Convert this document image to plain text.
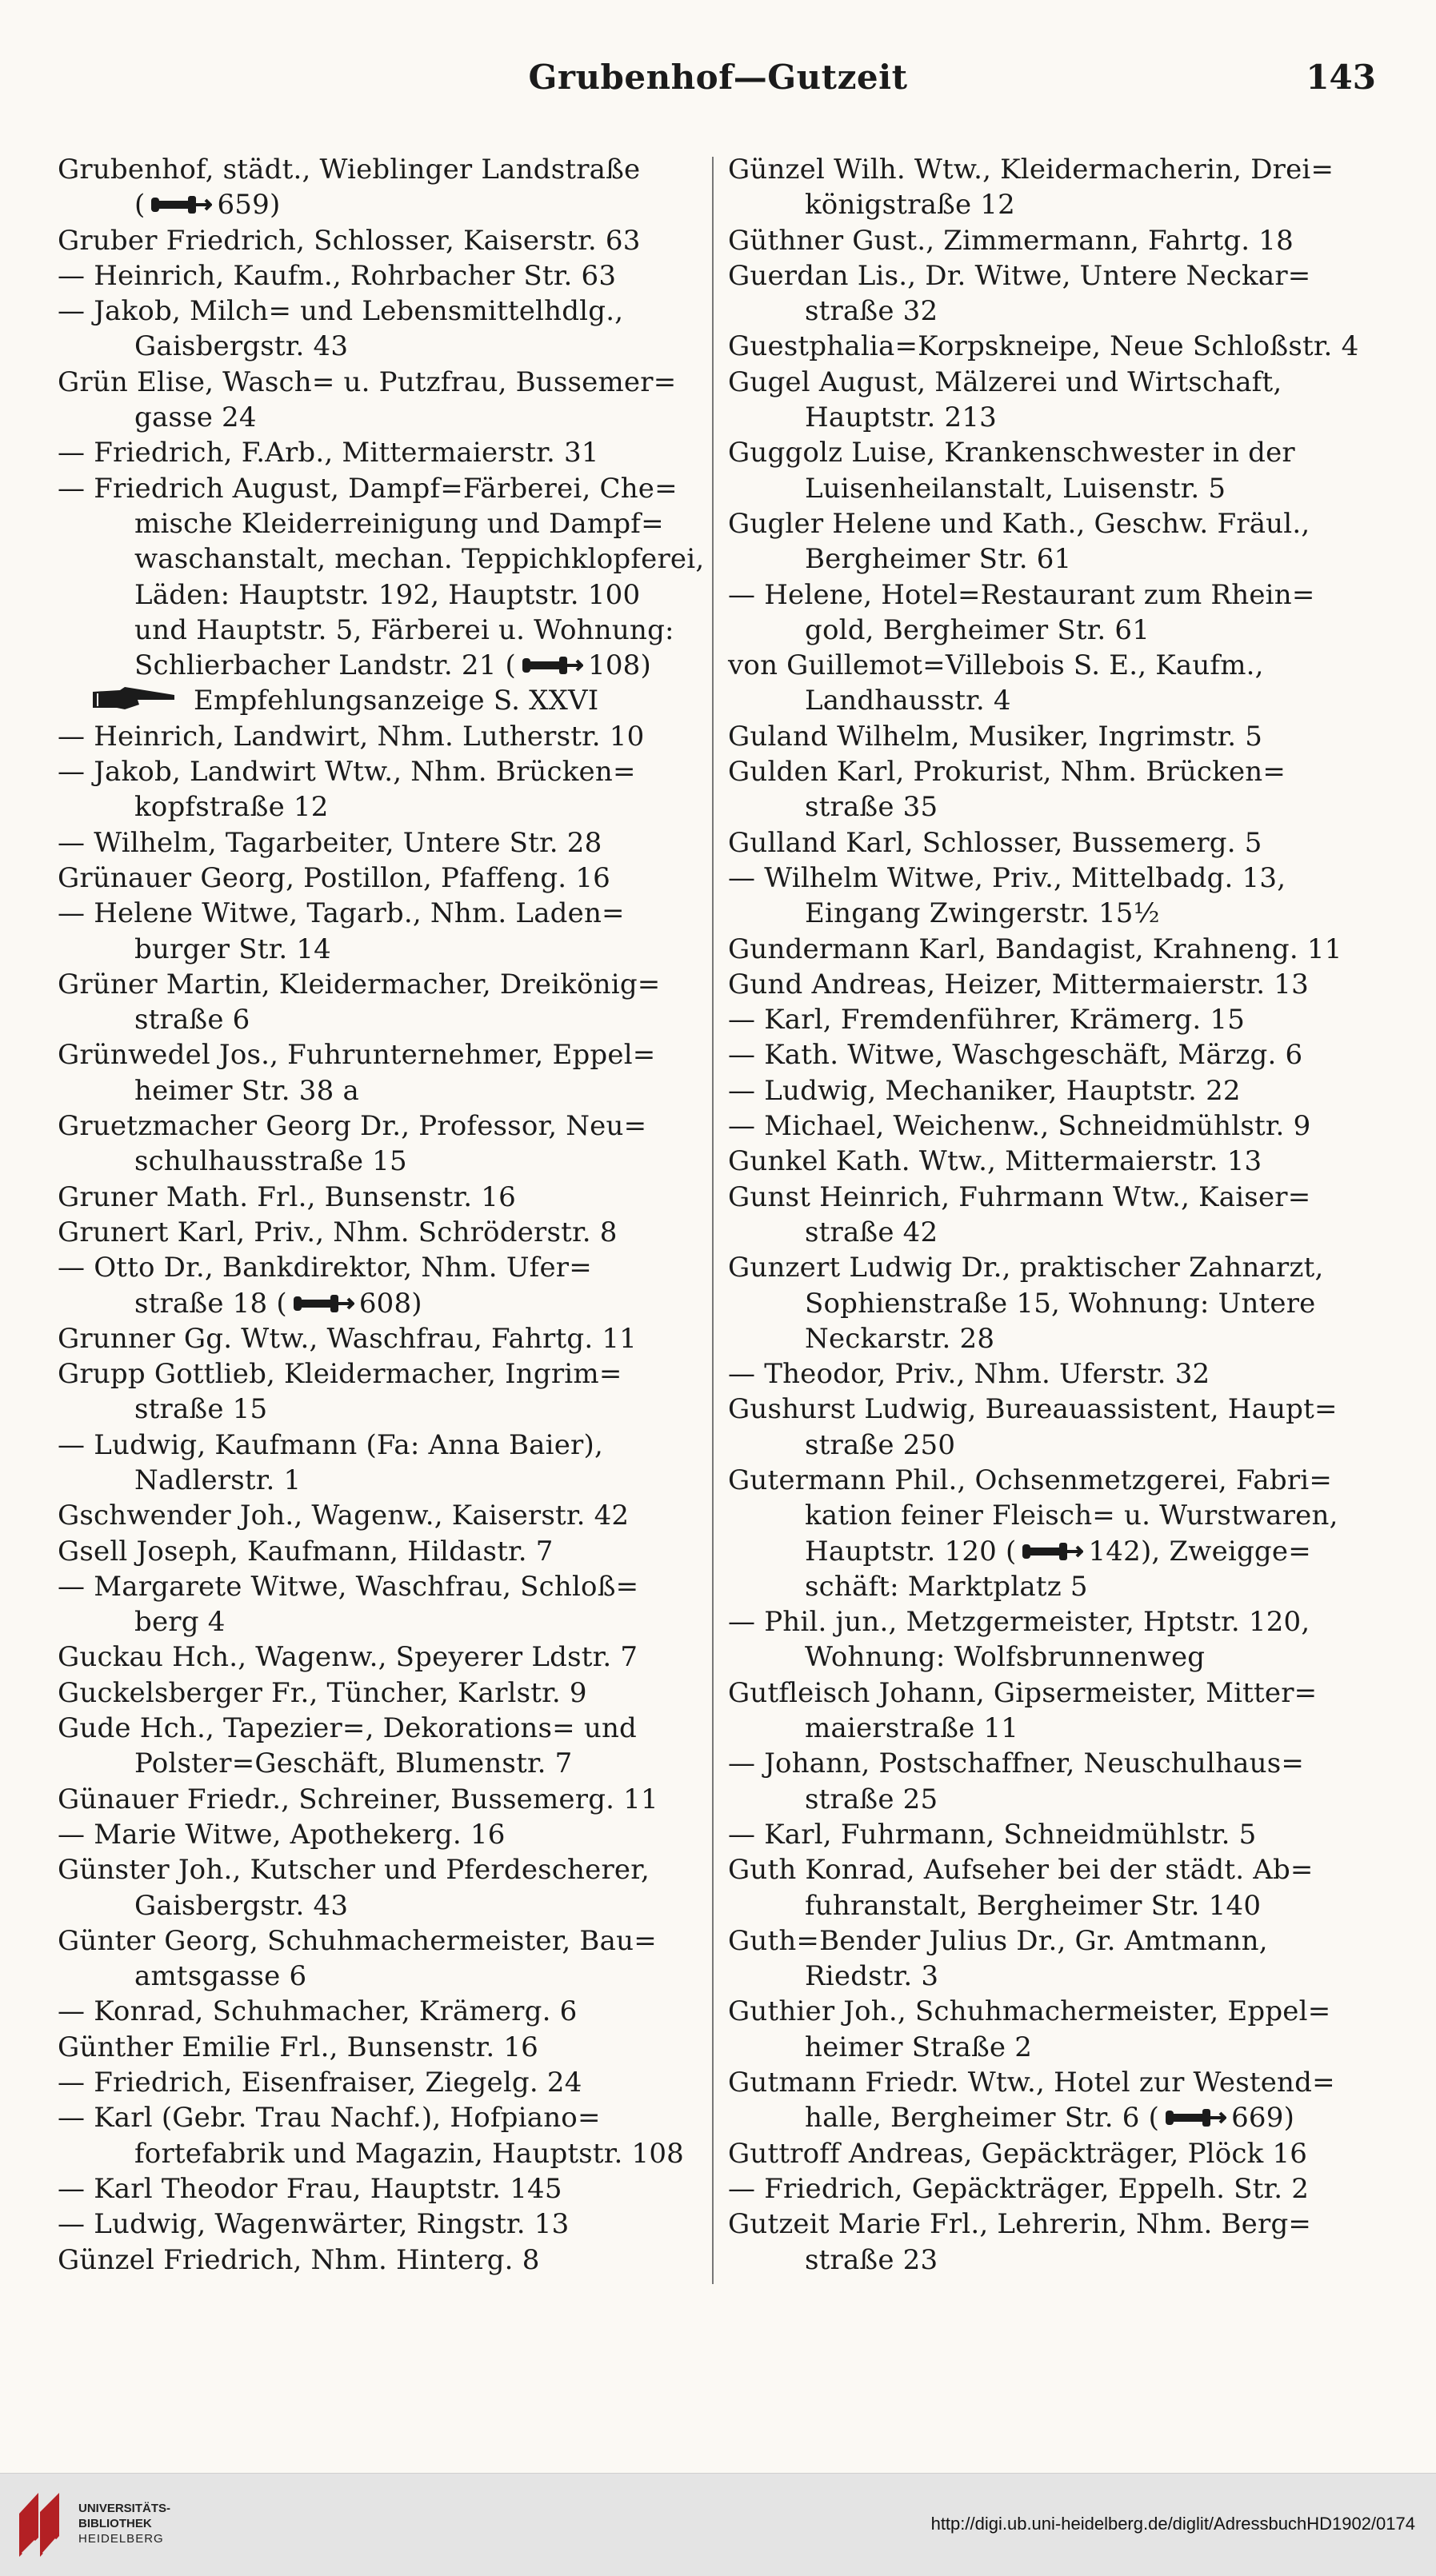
Grubenhof—Gutzeit	143
Grubenhof, städt., Wieblinger Landstraße
(	659)
Gruber Friedrich, Schlosser, Kaiserstr. 63
— Heinrich, Kaufm., Rohrbacher Str. 63
— Jakob, Milch= und Lebensmittelhdlg.,
Gaisbergstr. 43
Grün Elise, Wasch= u. Putzfrau, Bussemer=
gasse 24
— Friedrich, F.Arb., Mittermaierstr. 31
— Friedrich August, Dampf=Färberei, Che=
mische Kleiderreinigung und Dampf=
waschanstalt, mechan. Teppichklopferei,
Läden: Hauptstr. 192, Hauptstr. 100
und Hauptstr. 5, Färberei u. Wohnung:
Schlierbacher Landstr. 21 (	108)
Empfehlungsanzeige S. XXVI
— Heinrich, Landwirt, Nhm. Lutherstr. 10
— Jakob, Landwirt Wtw., Nhm. Brücken=
kopfstraße 12
— Wilhelm, Tagarbeiter, Untere Str. 28
Grünauer Georg, Postillon, Pfaffeng. 16
— Helene Witwe, Tagarb., Nhm. Laden=
burger Str. 14
Grüner Martin, Kleidermacher, Dreikönig=
straße 6
Grünwedel Jos., Fuhrunternehmer, Eppel=
heimer Str. 38 a
Gruetzmacher Georg Dr., Professor, Neu=
schulhausstraße 15
Gruner Math. Frl., Bunsenstr. 16
Grunert Karl, Priv., Nhm. Schröderstr. 8
— Otto Dr., Bankdirektor, Nhm. Ufer=
straße 18 (	608)
Grunner Gg. Wtw., Waschfrau, Fahrtg. 11
Grupp Gottlieb, Kleidermacher, Ingrim=
straße 15
— Ludwig, Kaufmann (Fa: Anna Baier),
Nadlerstr. 1
Gschwender Joh., Wagenw., Kaiserstr. 42
Gsell Joseph, Kaufmann, Hildastr. 7
— Margarete Witwe, Waschfrau, Schloß=
berg 4
Guckau Hch., Wagenw., Speyerer Ldstr. 7
Guckelsberger Fr., Tüncher, Karlstr. 9
Gude Hch., Tapezier=, Dekorations= und
Polster=Geschäft, Blumenstr. 7
Günauer Friedr., Schreiner, Bussemerg. 11
— Marie Witwe, Apothekerg. 16
Günster Joh., Kutscher und Pferdescherer,
Gaisbergstr. 43
Günter Georg, Schuhmachermeister, Bau=
amtsgasse 6
— Konrad, Schuhmacher, Krämerg. 6
Günther Emilie Frl., Bunsenstr. 16
— Friedrich, Eisenfraiser, Ziegelg. 24
— Karl (Gebr. Trau Nachf.), Hofpiano=
fortefabrik und Magazin, Hauptstr. 108
— Karl Theodor Frau, Hauptstr. 145
— Ludwig, Wagenwärter, Ringstr. 13
Günzel Friedrich, Nhm. Hinterg. 8
Günzel Wilh. Wtw., Kleidermacherin, Drei=
königstraße 12
Güthner Gust., Zimmermann, Fahrtg. 18
Guerdan Lis., Dr. Witwe, Untere Neckar=
straße 32
Guestphalia=Korpskneipe, Neue Schloßstr. 4
Gugel August, Mälzerei und Wirtschaft,
Hauptstr. 213
Guggolz Luise, Krankenschwester in der
Luisenheilanstalt, Luisenstr. 5
Gugler Helene und Kath., Geschw. Fräul.,
Bergheimer Str. 61
— Helene, Hotel=Restaurant zum Rhein=
gold, Bergheimer Str. 61
von Guillemot=Villebois S. E., Kaufm.,
Landhausstr. 4
Guland Wilhelm, Musiker, Ingrimstr. 5
Gulden Karl, Prokurist, Nhm. Brücken=
straße 35
Gulland Karl, Schlosser, Bussemerg. 5
— Wilhelm Witwe, Priv., Mittelbadg. 13,
Eingang Zwingerstr. 15½
Gundermann Karl, Bandagist, Krahneng. 11
Gund Andreas, Heizer, Mittermaierstr. 13
— Karl, Fremdenführer, Krämerg. 15
— Kath. Witwe, Waschgeschäft, Märzg. 6
— Ludwig, Mechaniker, Hauptstr. 22
— Michael, Weichenw., Schneidmühlstr. 9
Gunkel Kath. Wtw., Mittermaierstr. 13
Gunst Heinrich, Fuhrmann Wtw., Kaiser=
straße 42
Gunzert Ludwig Dr., praktischer Zahnarzt,
Sophienstraße 15, Wohnung: Untere
Neckarstr. 28
— Theodor, Priv., Nhm. Uferstr. 32
Gushurst Ludwig, Bureauassistent, Haupt=
straße 250
Gutermann Phil., Ochsenmetzgerei, Fabri=
kation feiner Fleisch= u. Wurstwaren,
Hauptstr. 120 (	142), Zweigge=
schäft: Marktplatz 5
— Phil. jun., Metzgermeister, Hptstr. 120,
Wohnung: Wolfsbrunnenweg
Gutfleisch Johann, Gipsermeister, Mitter=
maierstraße 11
— Johann, Postschaffner, Neuschulhaus=
straße 25
— Karl, Fuhrmann, Schneidmühlstr. 5
Guth Konrad, Aufseher bei der städt. Ab=
fuhranstalt, Bergheimer Str. 140
Guth=Bender Julius Dr., Gr. Amtmann,
Riedstr. 3
Guthier Joh., Schuhmachermeister, Eppel=
heimer Straße 2
Gutmann Friedr. Wtw., Hotel zur Westend=
halle, Bergheimer Str. 6 (	669)
Guttroff Andreas, Gepäckträger, Plöck 16
— Friedrich, Gepäckträger, Eppelh. Str. 2
Gutzeit Marie Frl., Lehrerin, Nhm. Berg=
straße 23
UNIVERSITÄTS-
BIBLIOTHEK
HEIDELBERG
http://digi.ub.uni-heidelberg.de/diglit/AdressbuchHD1902/0174
